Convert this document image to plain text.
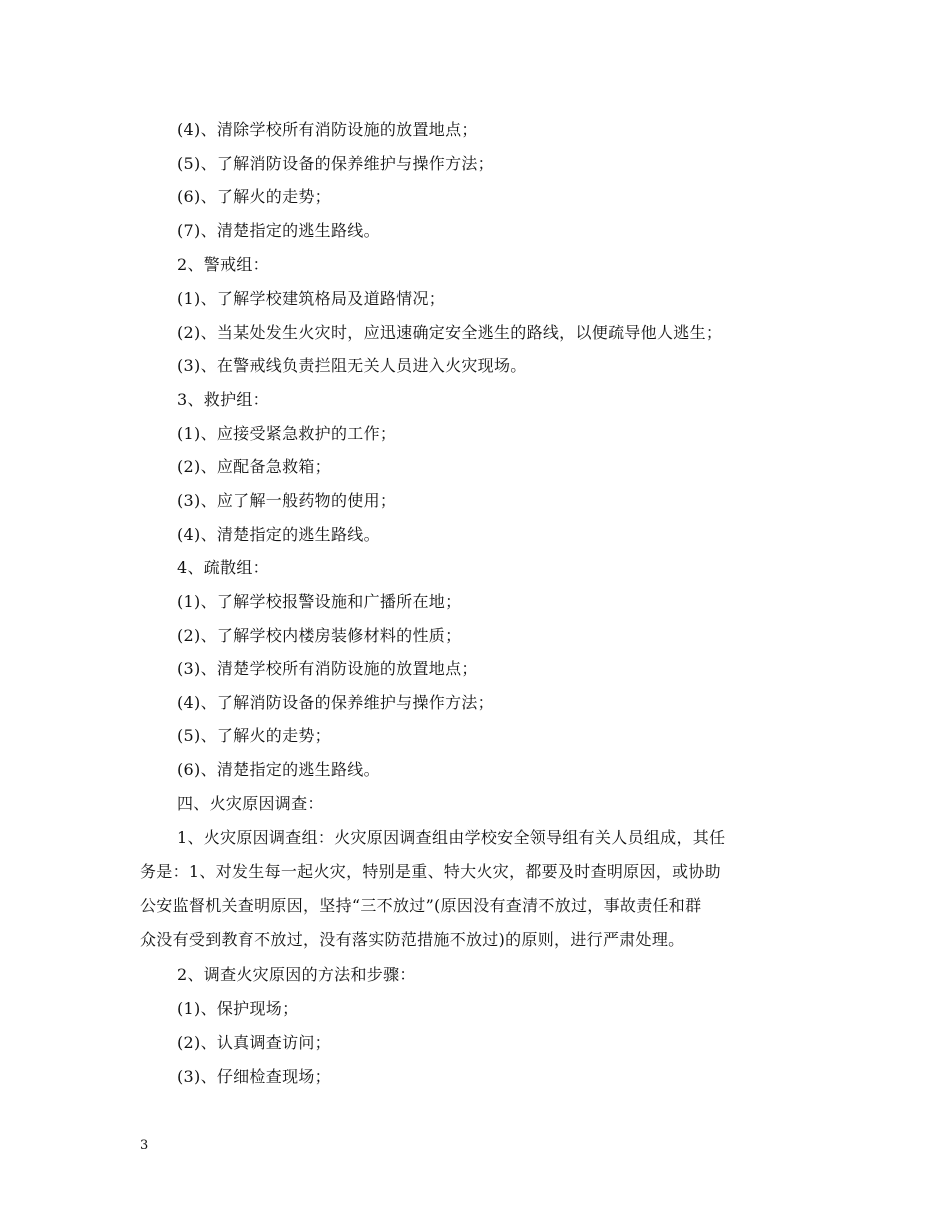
(4)、清除学校所有消防设施的放置地点；
(5)、了解消防设备的保养维护与操作方法；
(6)、了解火的走势；
(7)、清楚指定的逃生路线。
2、警戒组：
(1)、了解学校建筑格局及道路情况；
(2)、当某处发生火灾时，应迅速确定安全逃生的路线，以便疏导他人逃生；
(3)、在警戒线负责拦阻无关人员进入火灾现场。
3、救护组：
(1)、应接受紧急救护的工作；
(2)、应配备急救箱；
(3)、应了解一般药物的使用；
(4)、清楚指定的逃生路线。
4、疏散组：
(1)、了解学校报警设施和广播所在地；
(2)、了解学校内楼房装修材料的性质；
(3)、清楚学校所有消防设施的放置地点；
(4)、了解消防设备的保养维护与操作方法；
(5)、了解火的走势；
(6)、清楚指定的逃生路线。
四、火灾原因调查：
1、火灾原因调查组：火灾原因调查组由学校安全领导组有关人员组成，其任
务是：1、对发生每一起火灾，特别是重、特大火灾，都要及时查明原因，或协助
公安监督机关查明原因，坚持“三不放过”(原因没有查清不放过，事故责任和群
众没有受到教育不放过，没有落实防范措施不放过)的原则，进行严肃处理。
2、调查火灾原因的方法和步骤：
(1)、保护现场；
(2)、认真调查访问；
(3)、仔细检查现场；
3
